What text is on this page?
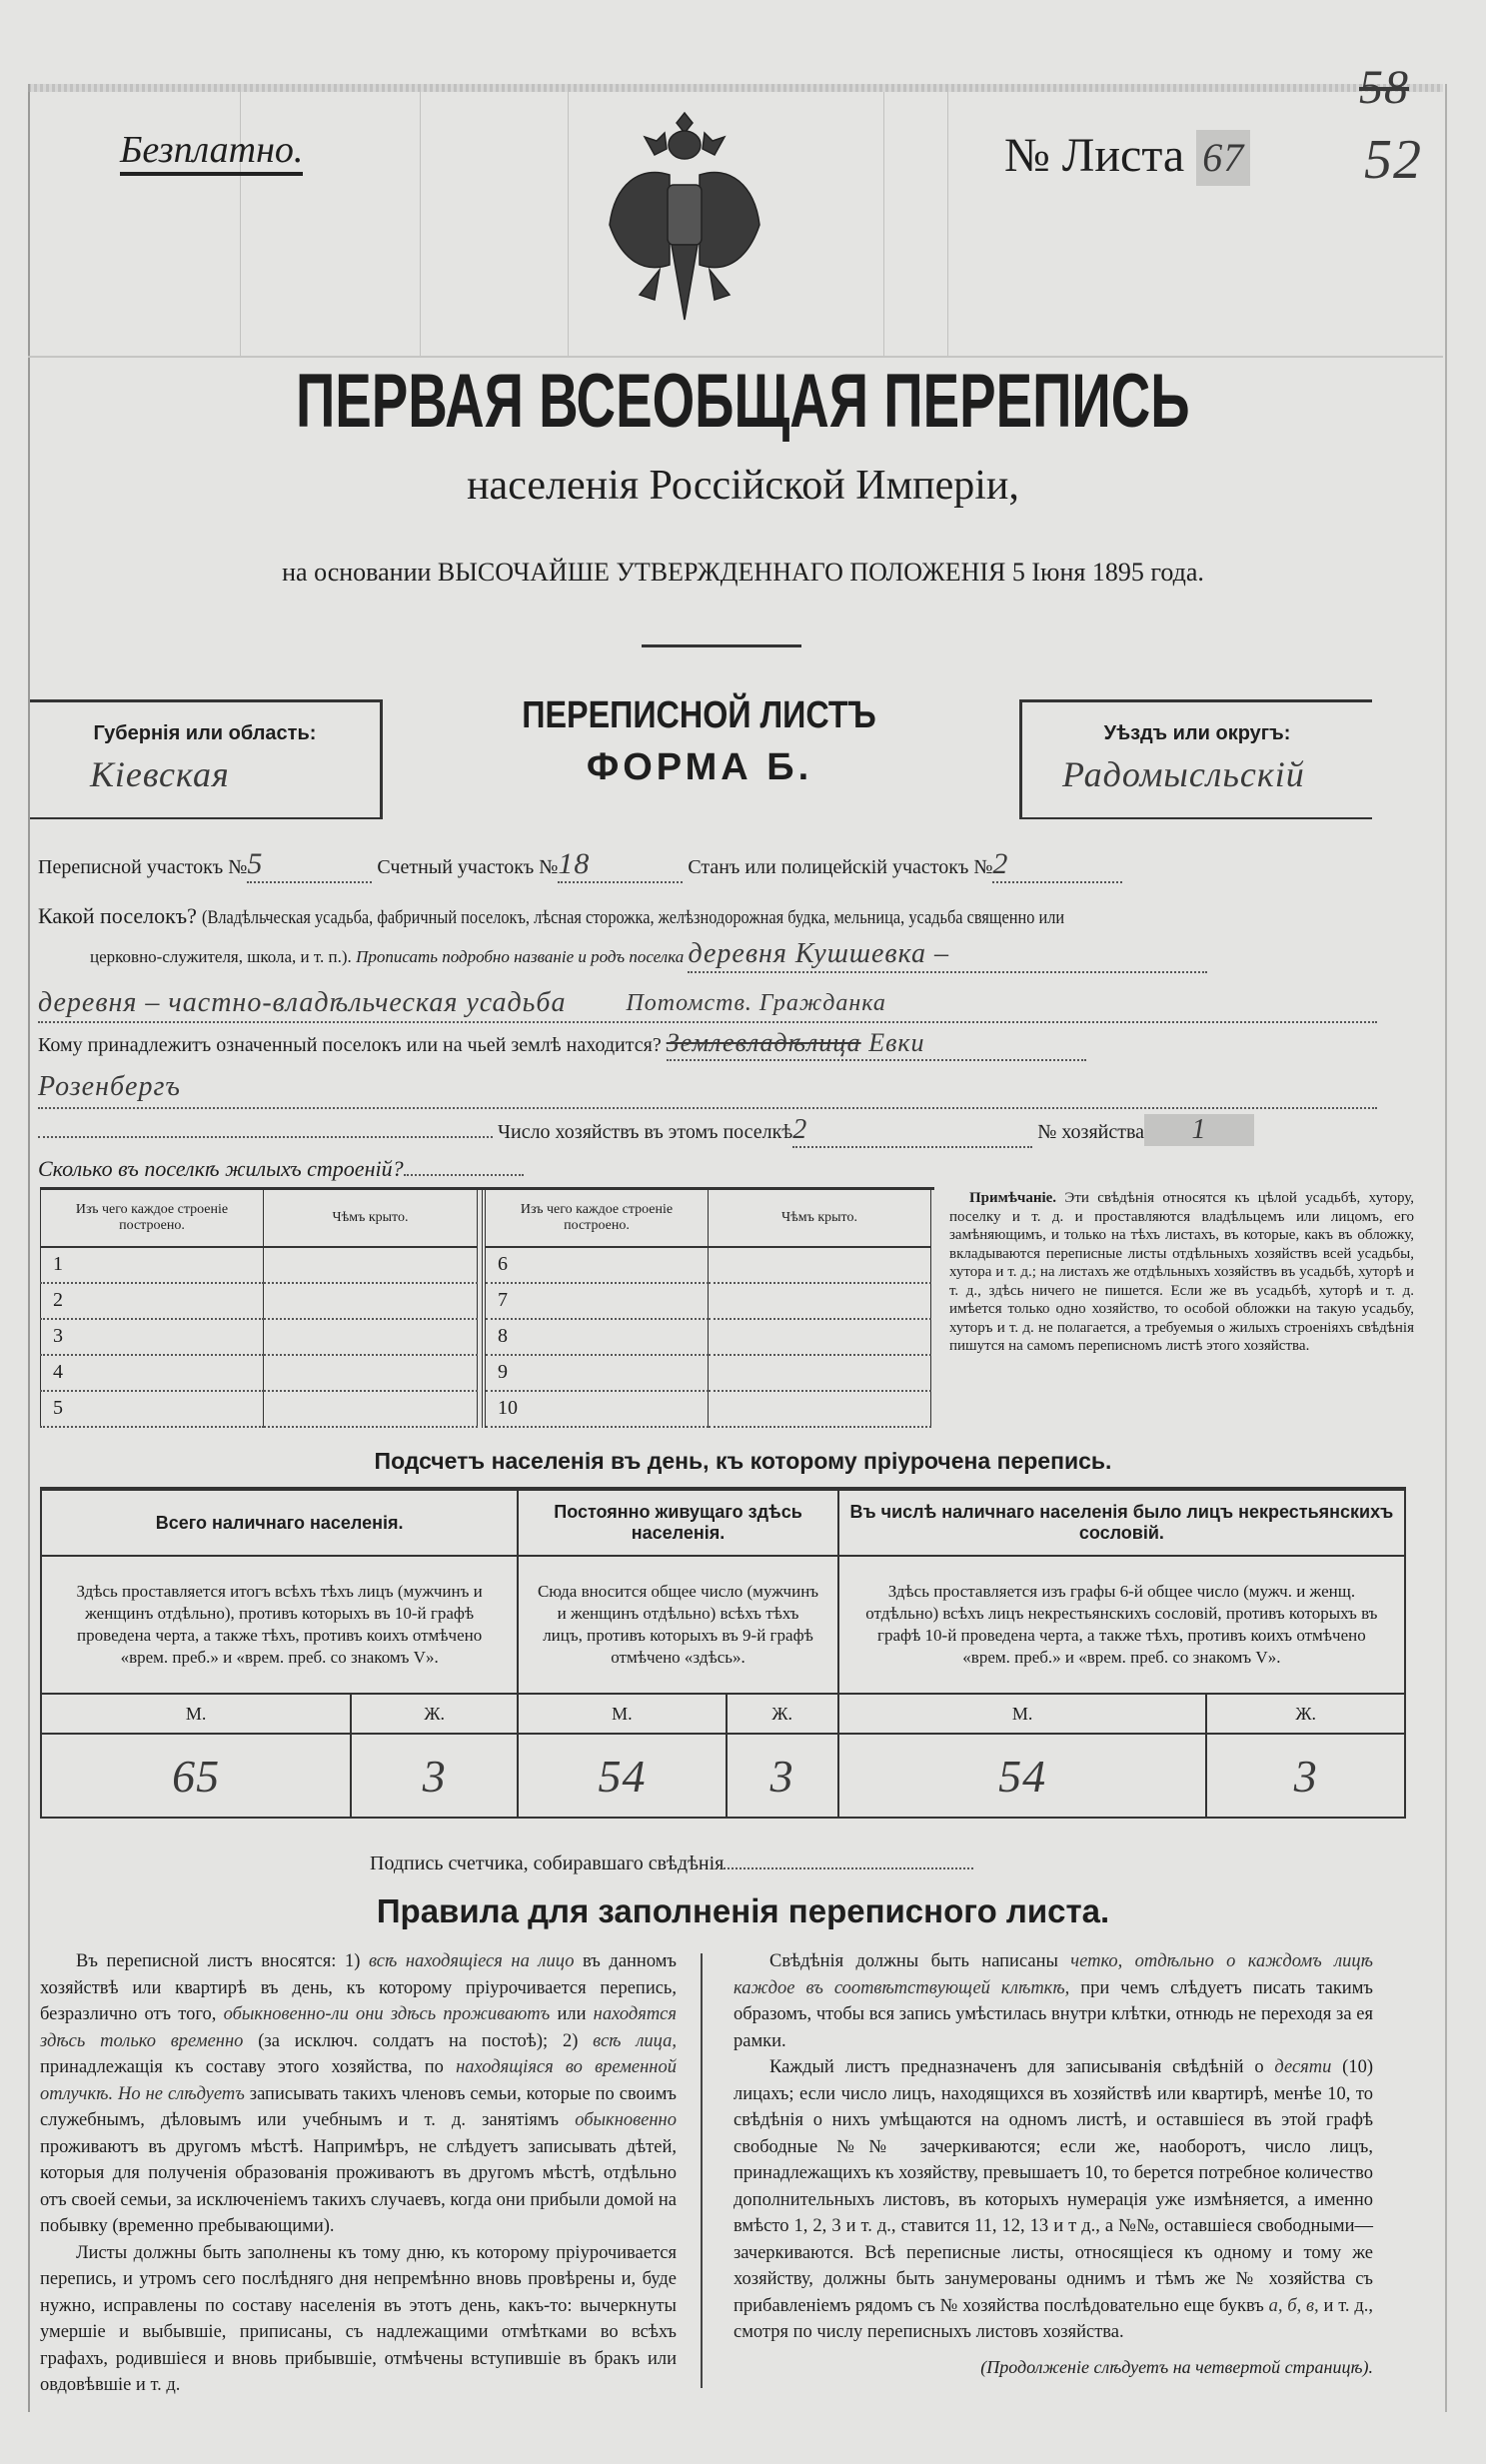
Безплатно.	№ Листа 67
58
52
ПЕРВАЯ ВСЕОБЩАЯ ПЕРЕПИСЬ
населенія Россійской Имперіи,
на основании ВЫСОЧАЙШЕ УТВЕРЖДЕННАГО ПОЛОЖЕНІЯ 5 Іюня 1895 года.
Губернія или область:
Кіевская
ПЕРЕПИСНОЙ ЛИСТЪ
ФОРМА Б.
Уѣздъ или округъ:
Радомысльскій
Переписной участокъ №5	Счетный участокъ №18	Станъ или полицейскій участокъ №2
Какой поселокъ? (Владѣльческая усадьба, фабричный поселокъ, лѣсная сторожка, желѣзнодорожная будка, мельница, усадьба священно или
церковно-служителя, школа, и т. п.). Прописать подробно названіе и родъ поселка деревня Кушшевка –
деревня – частно-владѣльческая усадьба	Потомств. Гражданка
Кому принадлежитъ означенный поселокъ или на чьей землѣ находится? Землевладѣлица Евки
Розенбергъ
Число хозяйствъ въ этомъ поселкѣ2	№ хозяйства 1
Сколько въ поселкѣ жилыхъ строеній?
Изъ чего каждое строеніе построено.	Чѣмъ крыто.
1	
2	
3	
4	
5	
Изъ чего каждое строеніе построено.	Чѣмъ крыто.
6	
7	
8	
9	
10	
Примѣчаніе. Эти свѣдѣнія относятся къ цѣлой усадьбѣ, хутору, поселку и т. д. и проставляются владѣльцемъ или лицомъ, его замѣняющимъ, и только на тѣхъ листахъ, въ которые, какъ въ обложку, вкладываются переписные листы отдѣльныхъ хозяйствъ всей усадьбы, хутора и т. д.; на листахъ же отдѣльныхъ хозяйствъ въ усадьбѣ, хуторѣ и т. д., здѣсь ничего не пишется. Если же въ усадьбѣ, хуторѣ и т. д. имѣется только одно хозяйство, то особой обложки на такую усадьбу, хуторъ и т. д. не полагается, а требуемыя о жилыхъ строеніяхъ свѣдѣнія пишутся на самомъ переписномъ листѣ этого хозяйства.
Подсчетъ населенія въ день, къ которому пріурочена перепись.
Всего наличнаго населенія.		Постоянно живущаго здѣсь населенія.		Въ числѣ наличнаго населенія было лицъ некрестьянскихъ сословій.	
Здѣсь проставляется итогъ всѣхъ тѣхъ лицъ (мужчинъ и женщинъ отдѣльно), противъ которыхъ въ 10-й графѣ проведена черта, а также тѣхъ, противъ коихъ отмѣчено «врем. преб.» и «врем. преб. со знакомъ V».		Сюда вносится общее число (мужчинъ и женщинъ отдѣльно) всѣхъ тѣхъ лицъ, противъ которыхъ въ 9-й графѣ отмѣчено «здѣсь».		Здѣсь проставляется изъ графы 6-й общее число (мужч. и женщ. отдѣльно) всѣхъ лицъ некрестьянскихъ сословій, противъ которыхъ въ графѣ 10-й проведена черта, а также тѣхъ, противъ коихъ отмѣчено «врем. преб.» и «врем. преб. со знакомъ V».	
М.	Ж.	М.	Ж.	М.	Ж.
65	3	54	3	54	3
Подпись счетчика, собиравшаго свѣдѣнія
Правила для заполненія переписного листа.

Въ переписной листъ вносятся: 1) всѣ находящіеся на лицо въ данномъ хозяйствѣ или квартирѣ въ день, къ которому пріурочивается перепись, безразлично отъ того, обыкновенно-ли они здѣсь проживаютъ или находятся здѣсь только временно (за исключ. солдатъ на постоѣ); 2) всѣ лица, принадлежащія къ составу этого хозяйства, по находящіяся во временной отлучкѣ. Но не слѣдуетъ записывать такихъ членовъ семьи, которые по своимъ служебнымъ, дѣловымъ или учебнымъ и т. д. занятіямъ обыкновенно проживаютъ въ другомъ мѣстѣ. Напримѣръ, не слѣдуетъ записывать дѣтей, которыя для полученія образованія проживаютъ въ другомъ мѣстѣ, отдѣльно отъ своей семьи, за исключеніемъ такихъ случаевъ, когда они прибыли домой на побывку (временно пребывающими).

Листы должны быть заполнены къ тому дню, къ которому пріурочивается перепись, и утромъ сего послѣдняго дня непремѣнно вновь провѣрены и, буде нужно, исправлены по составу населенія въ этотъ день, какъ-то: вычеркнуты умершіе и выбывшіе, приписаны, съ надлежащими отмѣтками во всѣхъ графахъ, родившіеся и вновь прибывшіе, отмѣчены вступившіе въ бракъ или овдовѣвшіе и т. д.

Свѣдѣнія должны быть написаны четко, отдѣльно о каждомъ лицѣ каждое въ соотвѣтствующей клѣткѣ, при чемъ слѣдуетъ писать такимъ образомъ, чтобы вся запись умѣстилась внутри клѣтки, отнюдь не переходя за ея рамки.

Каждый листъ предназначенъ для записыванія свѣдѣній о десяти (10) лицахъ; если число лицъ, находящихся въ хозяйствѣ или квартирѣ, менѣе 10, то свѣдѣнія о нихъ умѣщаются на одномъ листѣ, и оставшіеся въ этой графѣ свободные №№ зачеркиваются; если же, наоборотъ, число лицъ, принадлежащихъ къ хозяйству, превышаетъ 10, то берется потребное количество дополнительныхъ листовъ, въ которыхъ нумерація уже измѣняется, а именно вмѣсто 1, 2, 3 и т. д., ставится 11, 12, 13 и т д., а №№, оставшіеся свободными—зачеркиваются. Всѣ переписные листы, относящіеся къ одному и тому же хозяйству, должны быть занумерованы однимъ и тѣмъ же № хозяйства съ прибавленіемъ рядомъ съ № хозяйства послѣдовательно еще буквъ а, б, в, и т. д., смотря по числу переписныхъ листовъ хозяйства.

(Продолженіе слѣдуетъ на четвертой страницѣ).
